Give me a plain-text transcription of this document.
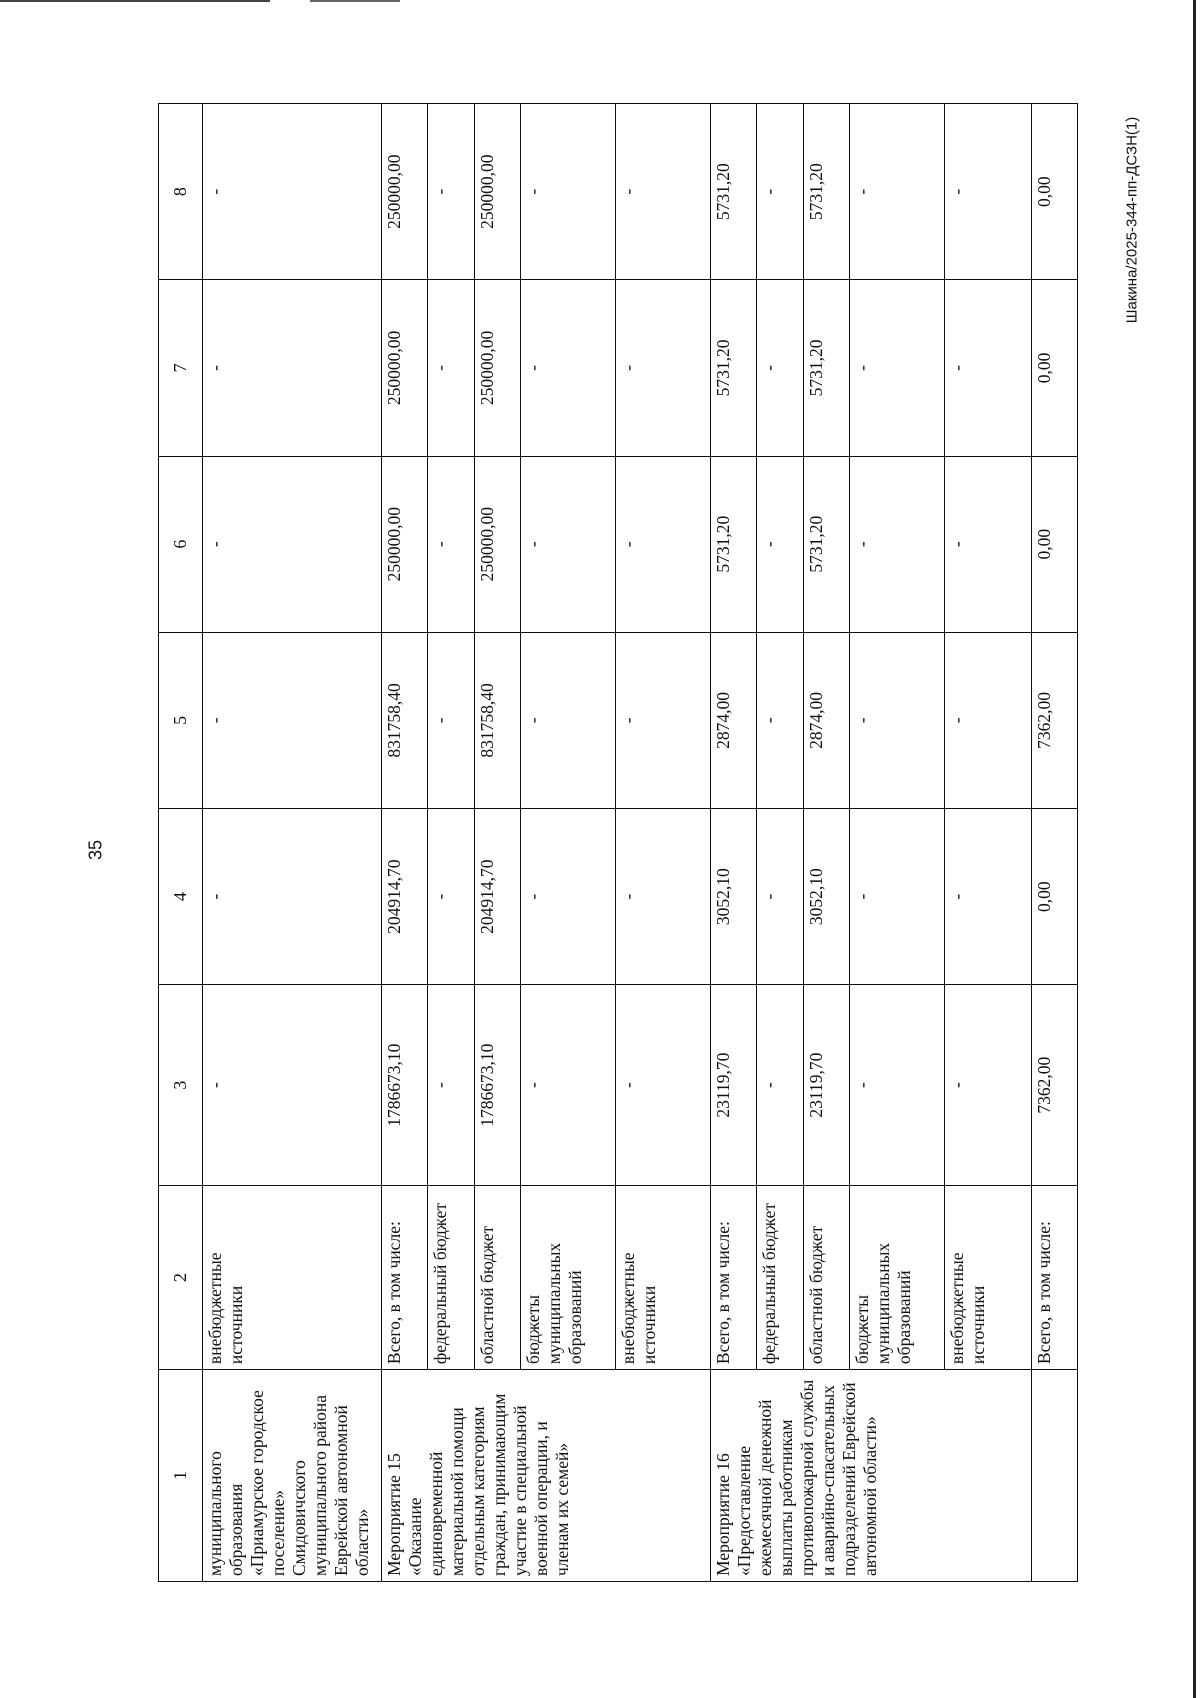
35
Шакина/2025-344-пп-ДСЗН(1)
1	2	3	4	5	6	7	8
муниципального образования «Приамурское городское поселение» Смидовичского муниципального района Еврейской автономной области»	внебюджетные источники	-	-	-	-	-	-
Мероприятие 15 «Оказание единовременной материальной помощи отдельным категориям граждан, принимающим участие в специальной военной операции, и членам их семей»	Всего, в том числе:	1786673,10	204914,70	831758,40	250000,00	250000,00	250000,00
	федеральный бюджет	-	-	-	-	-	-
	областной бюджет	1786673,10	204914,70	831758,40	250000,00	250000,00	250000,00
	бюджеты муниципальных образований	-	-	-	-	-	-
	внебюджетные источники	-	-	-	-	-	-
Мероприятие 16 «Предоставление ежемесячной денежной выплаты работникам противопожарной службы и аварийно-спасательных подразделений Еврейской автономной области»	Всего, в том числе:	23119,70	3052,10	2874,00	5731,20	5731,20	5731,20
	федеральный бюджет	-	-	-	-	-	-
	областной бюджет	23119,70	3052,10	2874,00	5731,20	5731,20	5731,20
	бюджеты муниципальных образований	-	-	-	-	-	-
	внебюджетные источники	-	-	-	-	-	-
	Всего, в том числе:	7362,00	0,00	7362,00	0,00	0,00	0,00
